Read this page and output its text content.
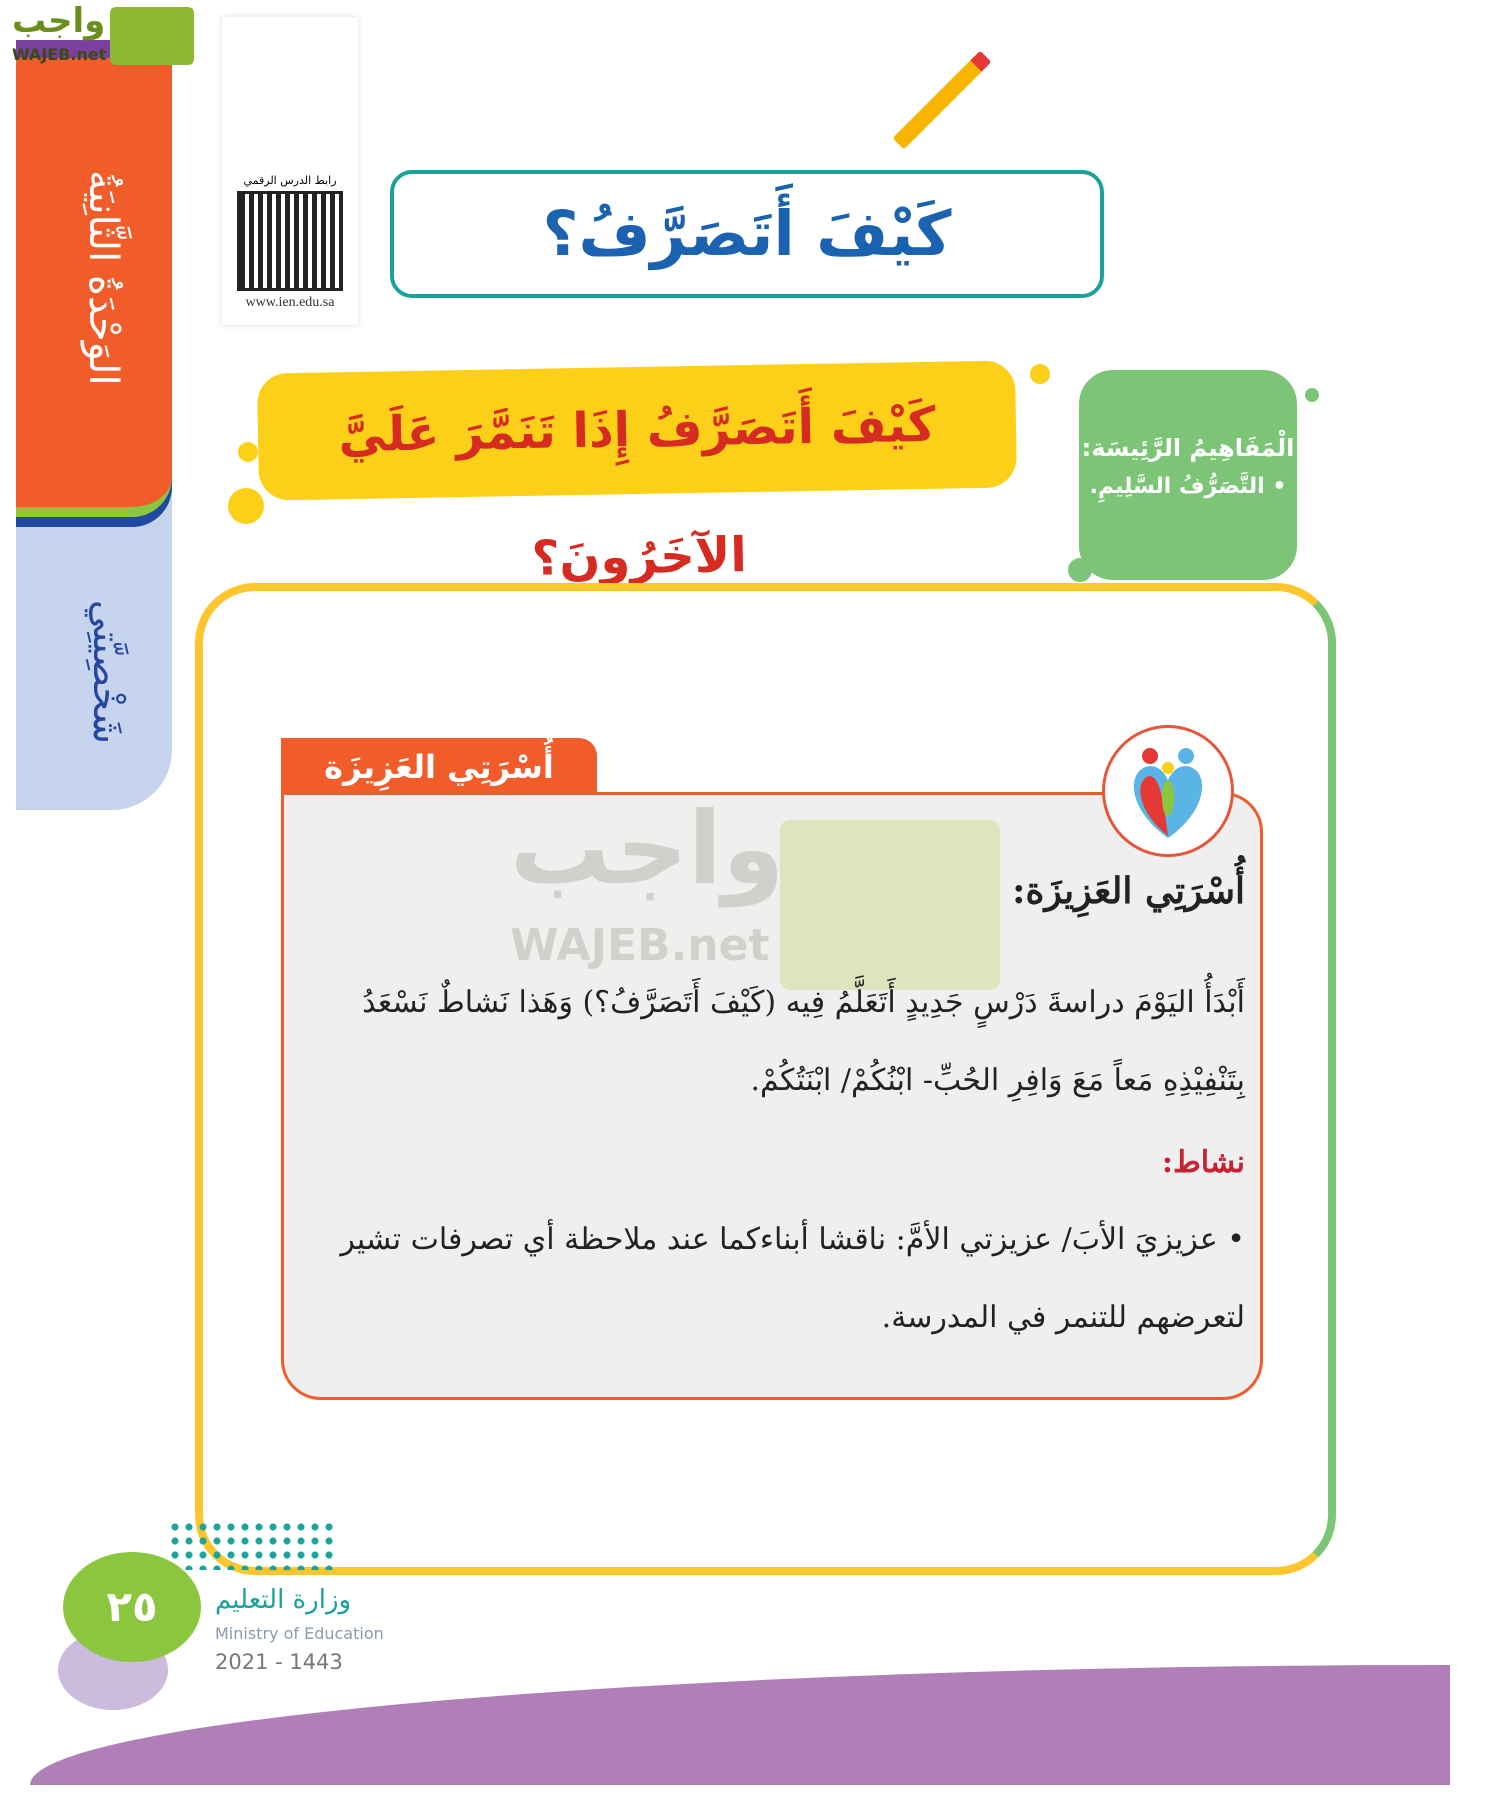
الوَحْدَةُ الثَّانِيَةُ
شَخْصِيَّتِي
واجب
WAJEB.net
رابط الدرس الرقمي
www.ien.edu.sa
كَيْفَ أَتَصَرَّفُ؟
كَيْفَ أَتَصَرَّفُ إِذَا تَنَمَّرَ عَلَيَّ الآخَرُونَ؟
الْمَفَاهِيمُ الرَّئِيسَة:
• التَّصَرُّفُ السَّلِيمِ.
أُسْرَتِي العَزِيزَة
واجب
WAJEB.net
أُسْرَتِي العَزِيزَة:
أَبْدَأُ اليَوْمَ دراسةَ دَرْسٍ جَدِيدٍ أَتَعَلَّمُ فِيه (كَيْفَ أَتَصَرَّفُ؟) وَهَذا نَشاطٌ نَسْعَدُ
بِتَنْفِيْذِهِ مَعاً مَعَ وَافِرِ الحُبِّ- ابْنُكُمْ/ ابْنَتُكُمْ.
نشاط:
• عزيزيَ الأبَ/ عزيزتي الأمَّ: ناقشا أبناءكما عند ملاحظة أي تصرفات تشير
لتعرضهم للتنمر في المدرسة.
٢٥	وزارة التعليم
Ministry of Education
2021 - 1443
